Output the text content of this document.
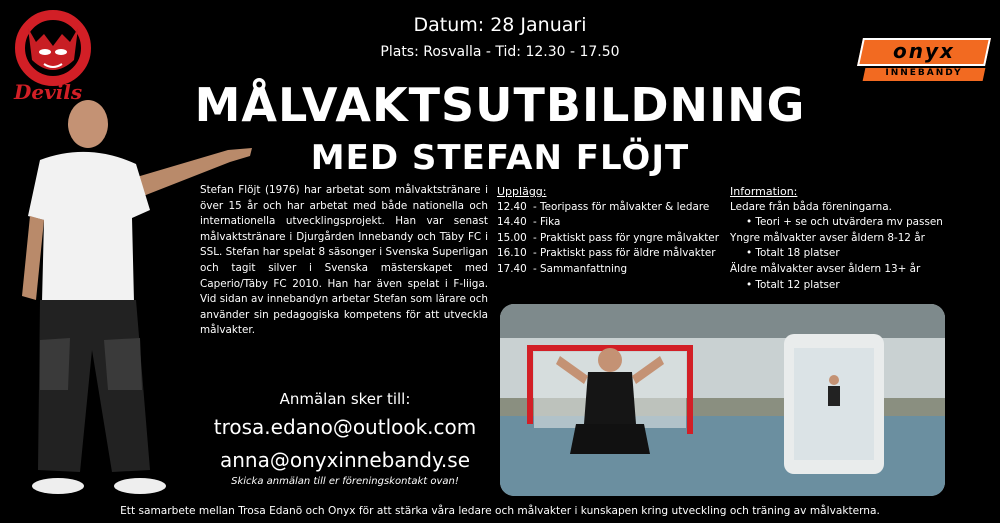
Devils
onyx
INNEBANDY
Datum: 28 Januari
Plats: Rosvalla - Tid: 12.30 - 17.50
MÅLVAKTSUTBILDNING
MED STEFAN FLÖJT
Stefan Flöjt (1976) har arbetat som målvaktstränare i över 15 år och har arbetat med både nationella och internationella utvecklingsprojekt. Han var senast målvaktstränare i Djurgården Innebandy och Täby FC i SSL. Stefan har spelat 8 säsonger i Svenska Superligan och tagit silver i Svenska mästerskapet med Caperio/Täby FC 2010. Han har även spelat i F-liiga. Vid sidan av innebandyn arbetar Stefan som lärare och använder sin pedagogiska kompetens för att utveckla målvakter.
Upplägg:
12.40 - Teoripass för målvakter & ledare
14.40 - Fika
15.00 - Praktiskt pass för yngre målvakter
16.10 - Praktiskt pass för äldre målvakter
17.40 - Sammanfattning
Information:
Ledare från båda föreningarna.
• Teori + se och utvärdera mv passen
Yngre målvakter avser åldern 8-12 år
• Totalt 18 platser
Äldre målvakter avser åldern 13+ år
• Totalt 12 platser
Anmälan sker till:
trosa.edano@outlook.com
anna@onyxinnebandy.se
Skicka anmälan till er föreningskontakt ovan!
Ett samarbete mellan Trosa Edanö och Onyx för att stärka våra ledare och målvakter i kunskapen kring utveckling och träning av målvakterna.
